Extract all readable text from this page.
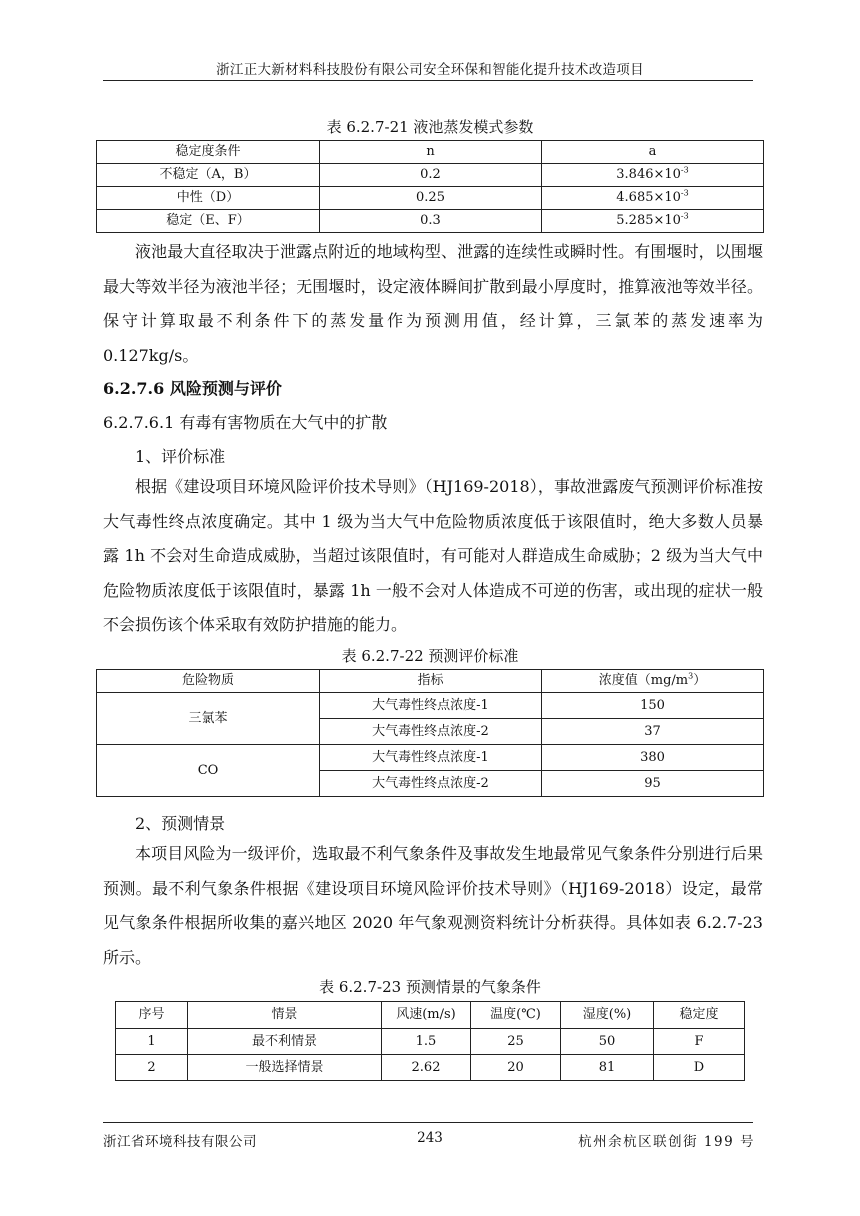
浙江正大新材料科技股份有限公司安全环保和智能化提升技术改造项目
表 6.2.7-21 液池蒸发模式参数
稳定度条件	n	a
不稳定（A，B）	0.2	$3.846\times 10^{-3}$
中性（D）	0.25	$4.685\times 10^{-3}$
稳定（E、F）	0.3	$5.285\times 10^{-3}$

液池最大直径取决于泄露点附近的地域构型、泄露的连续性或瞬时性。有围堰时，以围堰最大等效半径为液池半径；无围堰时，设定液体瞬间扩散到最小厚度时，推算液池等效半径。保守计算取最不利条件下的蒸发量作为预测用值，经计算，三氯苯的蒸发速率为 0.127kg/s。

6.2.7.6 风险预测与评价
6.2.7.6.1 有毒有害物质在大气中的扩散
1、评价标准

根据《建设项目环境风险评价技术导则》（HJ169-2018），事故泄露废气预测评价标准按大气毒性终点浓度确定。其中 1 级为当大气中危险物质浓度低于该限值时，绝大多数人员暴露 1h 不会对生命造成威胁，当超过该限值时，有可能对人群造成生命威胁；2 级为当大气中危险物质浓度低于该限值时，暴露 1h 一般不会对人体造成不可逆的伤害，或出现的症状一般不会损伤该个体采取有效防护措施的能力。

表 6.2.7-22 预测评价标准
危险物质	指标	浓度值$(mg/m^3)$
三氯苯	大气毒性终点浓度-1	150
	大气毒性终点浓度-2	37
CO	大气毒性终点浓度-1	380
	大气毒性终点浓度-2	95
2、预测情景

本项目风险为一级评价，选取最不利气象条件及事故发生地最常见气象条件分别进行后果预测。最不利气象条件根据《建设项目环境风险评价技术导则》（HJ169-2018）设定，最常见气象条件根据所收集的嘉兴地区 2020 年气象观测资料统计分析获得。具体如表 6.2.7-23 所示。

表 6.2.7-23 预测情景的气象条件
序号	情景	风速(m/s)	温度(℃)	湿度(%)	稳定度
1	最不利情景	1.5	25	50	F
2	一般选择情景	2.62	20	81	D
浙江省环境科技有限公司	243	杭州余杭区联创街 199 号
